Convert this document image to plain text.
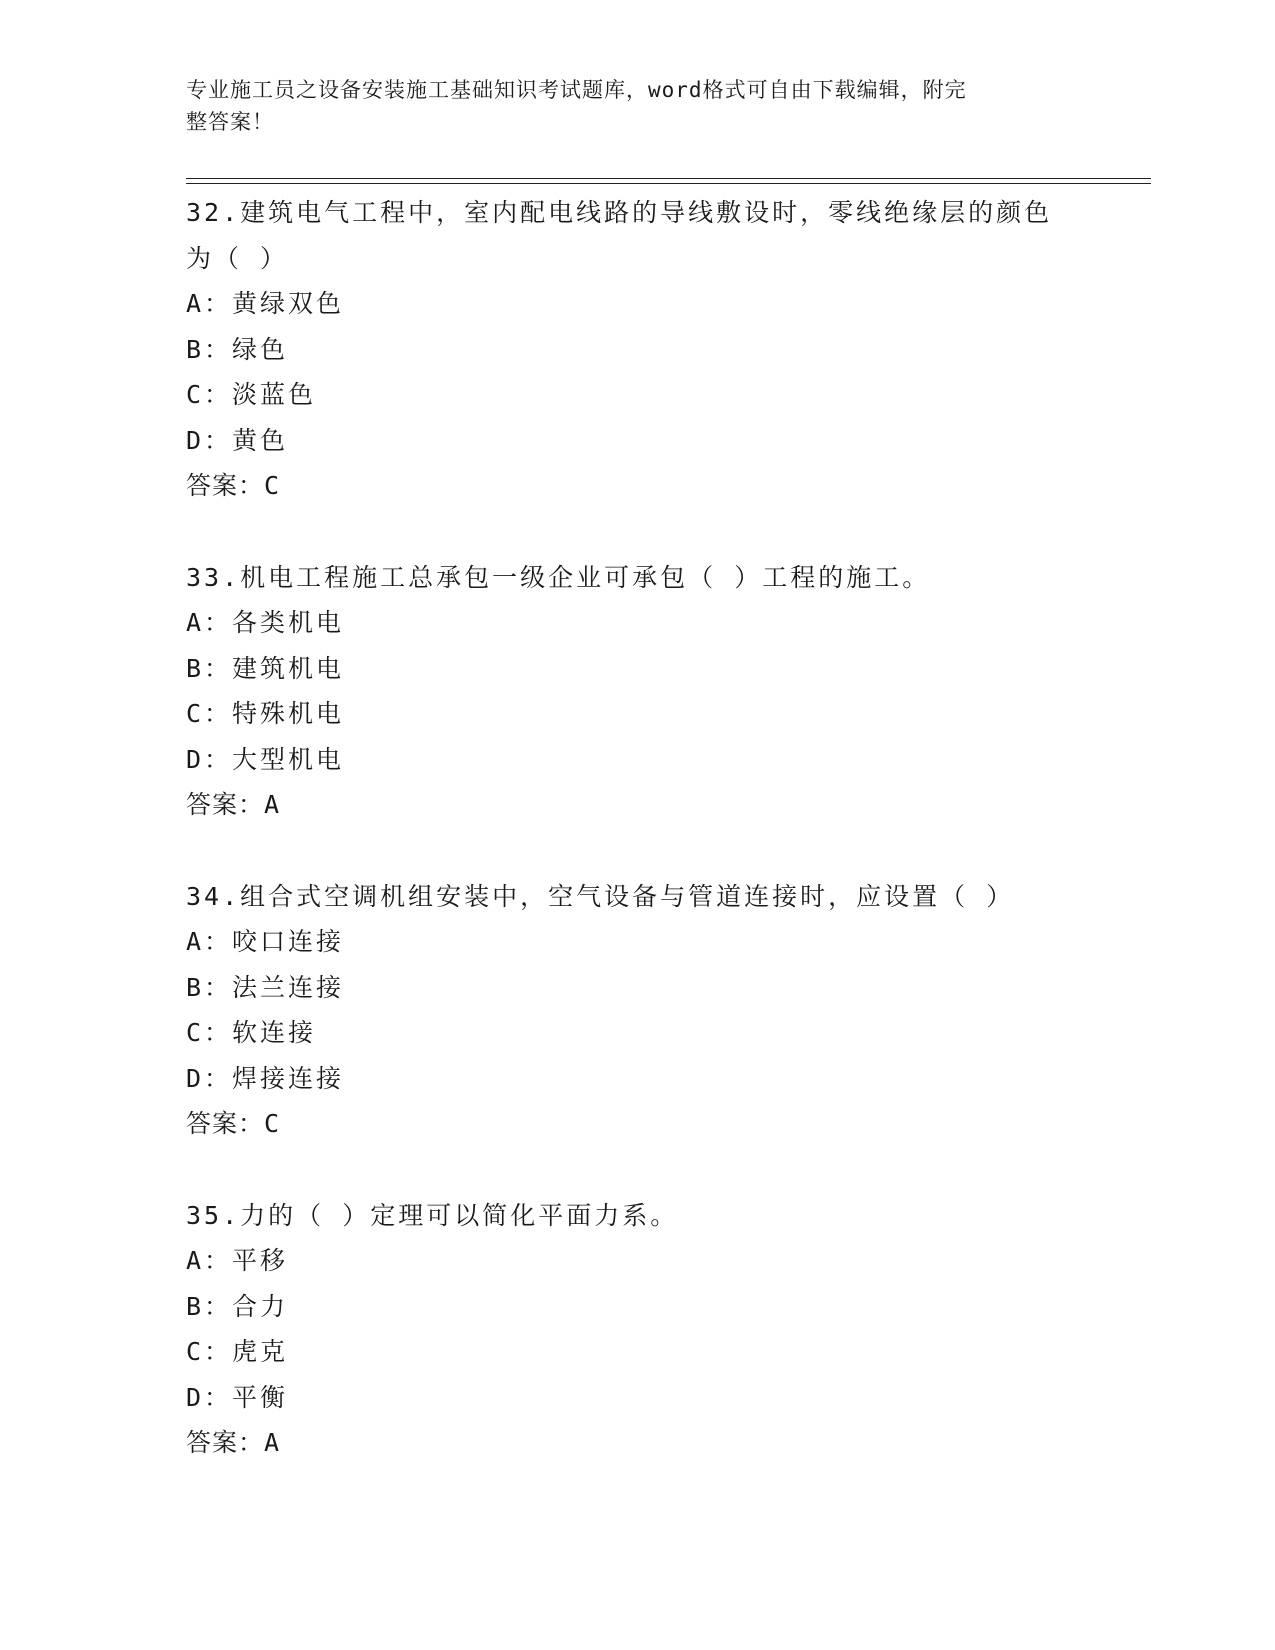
专业施工员之设备安装施工基础知识考试题库，word格式可自由下载编辑，附完
整答案！
32.建筑电气工程中，室内配电线路的导线敷设时，零线绝缘层的颜色
为（ ）
A：黄绿双色
B：绿色
C：淡蓝色
D：黄色
答案：C
33.机电工程施工总承包一级企业可承包（ ）工程的施工。
A：各类机电
B：建筑机电
C：特殊机电
D：大型机电
答案：A
34.组合式空调机组安装中，空气设备与管道连接时，应设置（ ）
A：咬口连接
B：法兰连接
C：软连接
D：焊接连接
答案：C
35.力的（ ）定理可以简化平面力系。
A：平移
B：合力
C：虎克
D：平衡
答案：A
